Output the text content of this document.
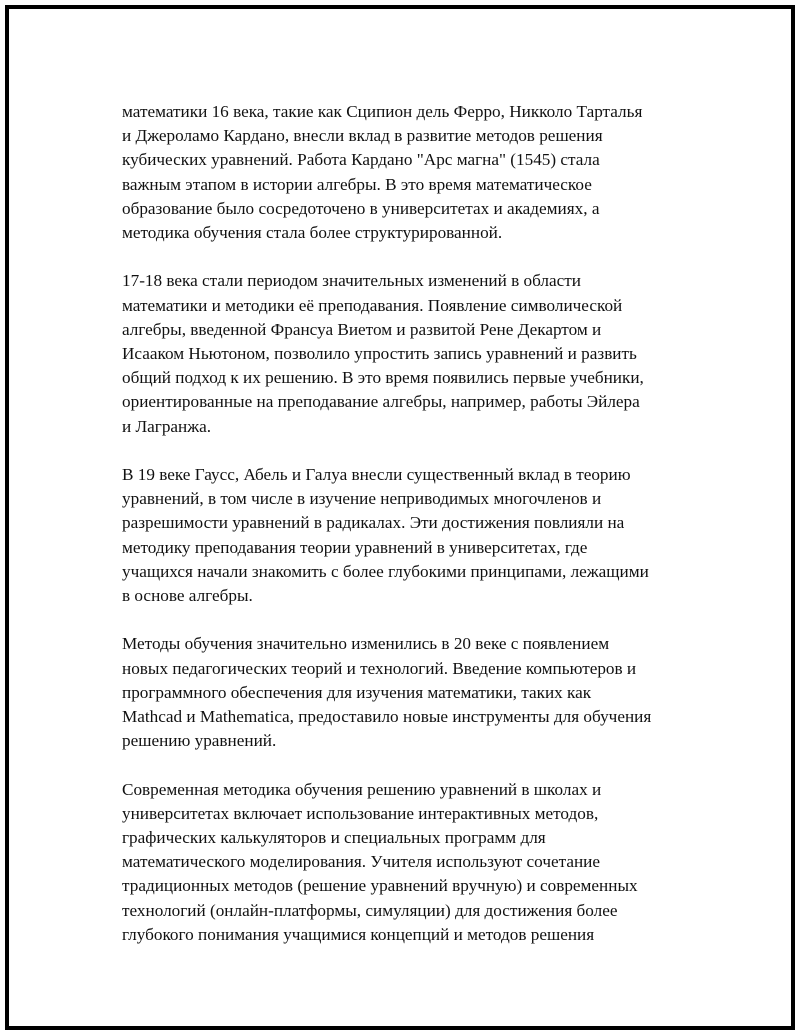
математики 16 века, такие как Сципион дель Ферро, Никколо Тарталья
и Джероламо Кардано, внесли вклад в развитие методов решения
кубических уравнений. Работа Кардано "Арс магна" (1545) стала
важным этапом в истории алгебры. В это время математическое
образование было сосредоточено в университетах и академиях, а
методика обучения стала более структурированной.

17-18 века стали периодом значительных изменений в области
математики и методики её преподавания. Появление символической
алгебры, введенной Франсуа Виетом и развитой Рене Декартом и
Исааком Ньютоном, позволило упростить запись уравнений и развить
общий подход к их решению. В это время появились первые учебники,
ориентированные на преподавание алгебры, например, работы Эйлера
и Лагранжа.

В 19 веке Гаусс, Абель и Галуа внесли существенный вклад в теорию
уравнений, в том числе в изучение неприводимых многочленов и
разрешимости уравнений в радикалах. Эти достижения повлияли на
методику преподавания теории уравнений в университетах, где
учащихся начали знакомить с более глубокими принципами, лежащими
в основе алгебры.

Методы обучения значительно изменились в 20 веке с появлением
новых педагогических теорий и технологий. Введение компьютеров и
программного обеспечения для изучения математики, таких как
Mathcad и Mathematica, предоставило новые инструменты для обучения
решению уравнений.

Современная методика обучения решению уравнений в школах и
университетах включает использование интерактивных методов,
графических калькуляторов и специальных программ для
математического моделирования. Учителя используют сочетание
традиционных методов (решение уравнений вручную) и современных
технологий (онлайн-платформы, симуляции) для достижения более
глубокого понимания учащимися концепций и методов решения
